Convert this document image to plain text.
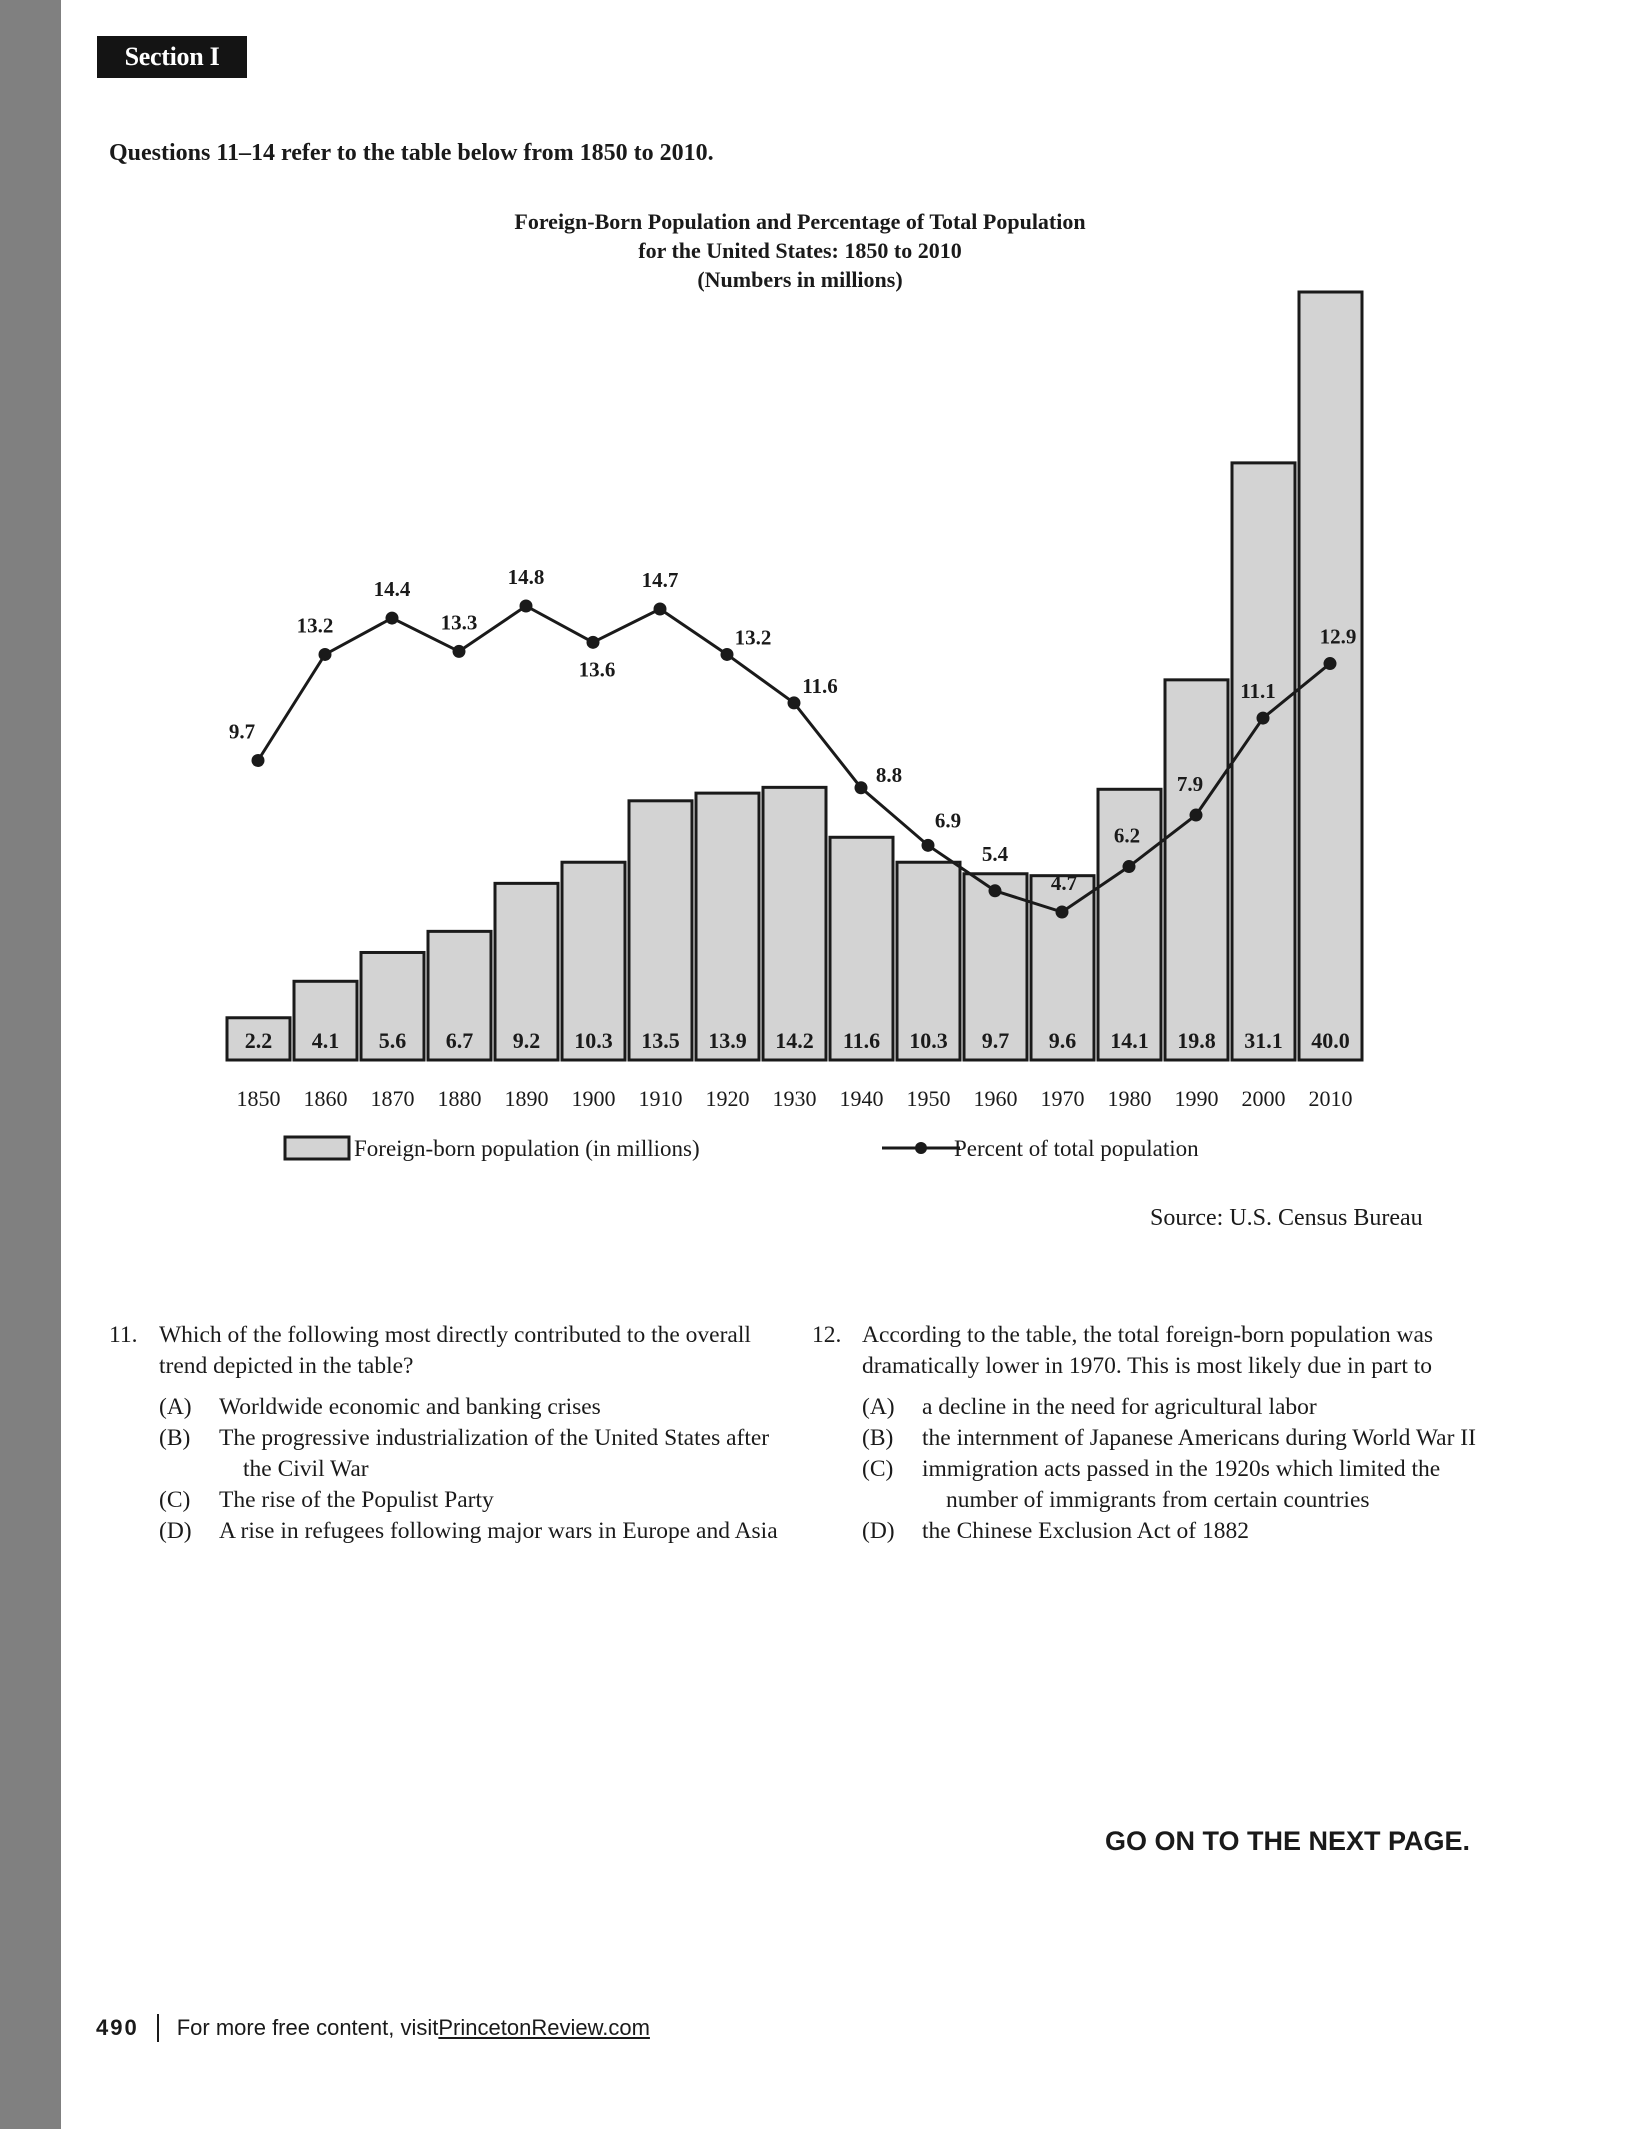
Section I
Questions 11–14 refer to the table below from 1850 to 2010.
Foreign-Born Population and Percentage of Total Population
for the United States: 1850 to 2010
(Numbers in millions)
2.2 4.1 5.6 6.7 9.2 10.3 13.5 13.9 14.2 11.6 10.3 9.7 9.6 14.1 19.8 31.1 40.0
9.7
13.2
14.4
13.3
14.8
13.6
14.7
13.2
11.6
8.8
6.9
5.4
4.7
6.2
7.9
11.1
12.9
1850 1860 1870 1880 1890 1900 1910 1920 1930 1940 1950 1960 1970 1980 1990 2000 2010
Foreign-born population (in millions)	Percent of total population
Source: U.S. Census Bureau
11. Which of the following most directly contributed to the overall trend depicted in the table?
(A) Worldwide economic and banking crises
(B) The progressive industrialization of the United States after the Civil War
(C) The rise of the Populist Party
(D) A rise in refugees following major wars in Europe and Asia
12. According to the table, the total foreign-born population was dramatically lower in 1970. This is most likely due in part to
(A) a decline in the need for agricultural labor
(B) the internment of Japanese Americans during World War II
(C) immigration acts passed in the 1920s which limited the number of immigrants from certain countries
(D) the Chinese Exclusion Act of 1882
GO ON TO THE NEXT PAGE.
490 For more free content, visit PrincetonReview.com
